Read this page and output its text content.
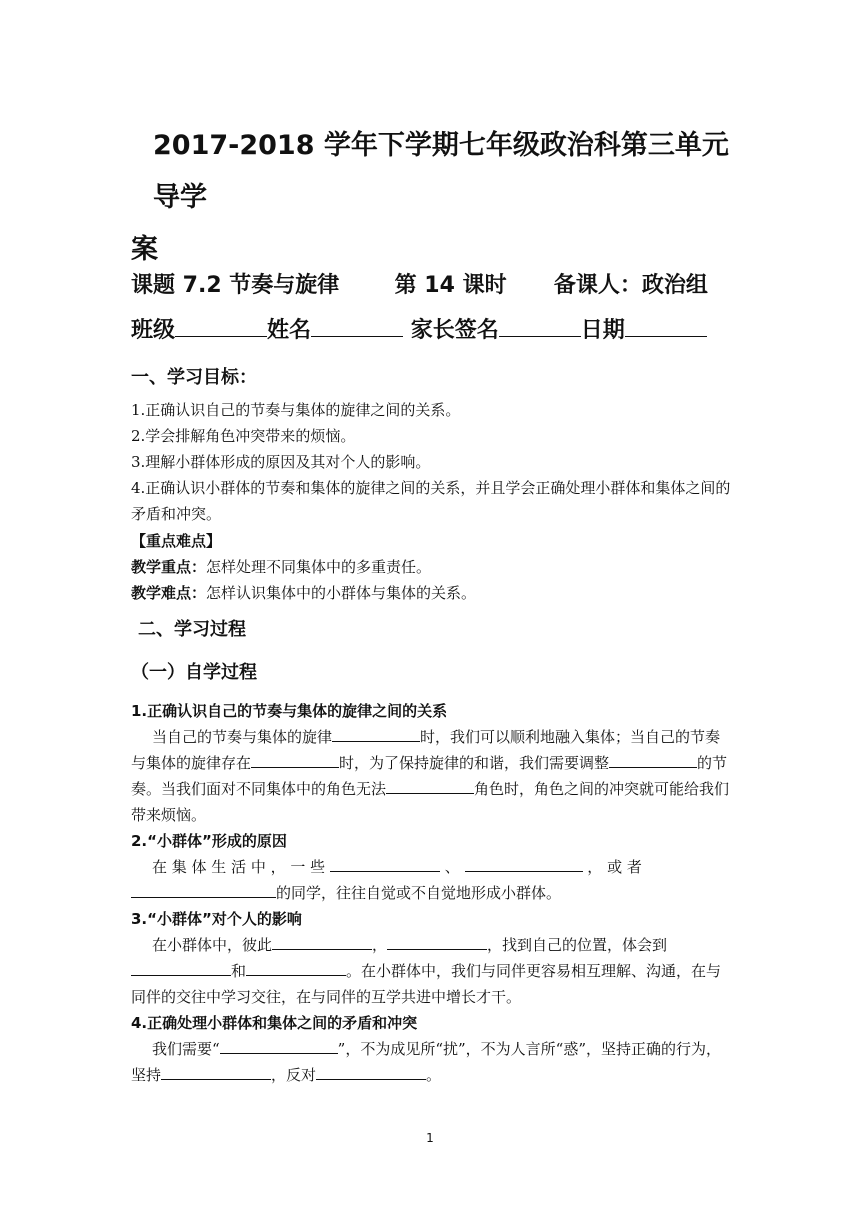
2017-2018 学年下学期七年级政治科第三单元导学
案
课题 7.2 节奏与旋律	第 14 课时 备课人：政治组
班级	姓名	家长签名	日期
一、学习目标：
1.正确认识自己的节奏与集体的旋律之间的关系。
2.学会排解角色冲突带来的烦恼。
3.理解小群体形成的原因及其对个人的影响。
4.正确认识小群体的节奏和集体的旋律之间的关系，并且学会正确处理小群体和集体之间的矛盾和冲突。
【重点难点】
教学重点：怎样处理不同集体中的多重责任。
教学难点：怎样认识集体中的小群体与集体的关系。
二、学习过程
（一）自学过程
1.正确认识自己的节奏与集体的旋律之间的关系
当自己的节奏与集体的旋律	时，我们可以顺利地融入集体；当自己的节奏与集体的旋律存在	时，为了保持旋律的和谐，我们需要调整	的节奏。当我们面对不同集体中的角色无法	角色时，角色之间的冲突就可能给我们带来烦恼。
2.“小群体”形成的原因
在 集 体 生 活 中 ， 一 些	、	， 或 者
的同学，往往自觉或不自觉地形成小群体。
3.“小群体”对个人的影响
在小群体中，彼此	，	，找到自己的位置，体会到和	。在小群体中，我们与同伴更容易相互理解、沟通，在与同伴的交往中学习交往，在与同伴的互学共进中增长才干。
4.正确处理小群体和集体之间的矛盾和冲突
我们需要“	”，不为成见所“扰”，不为人言所“惑”，坚持正确的行为，坚持	，反对	。
1
